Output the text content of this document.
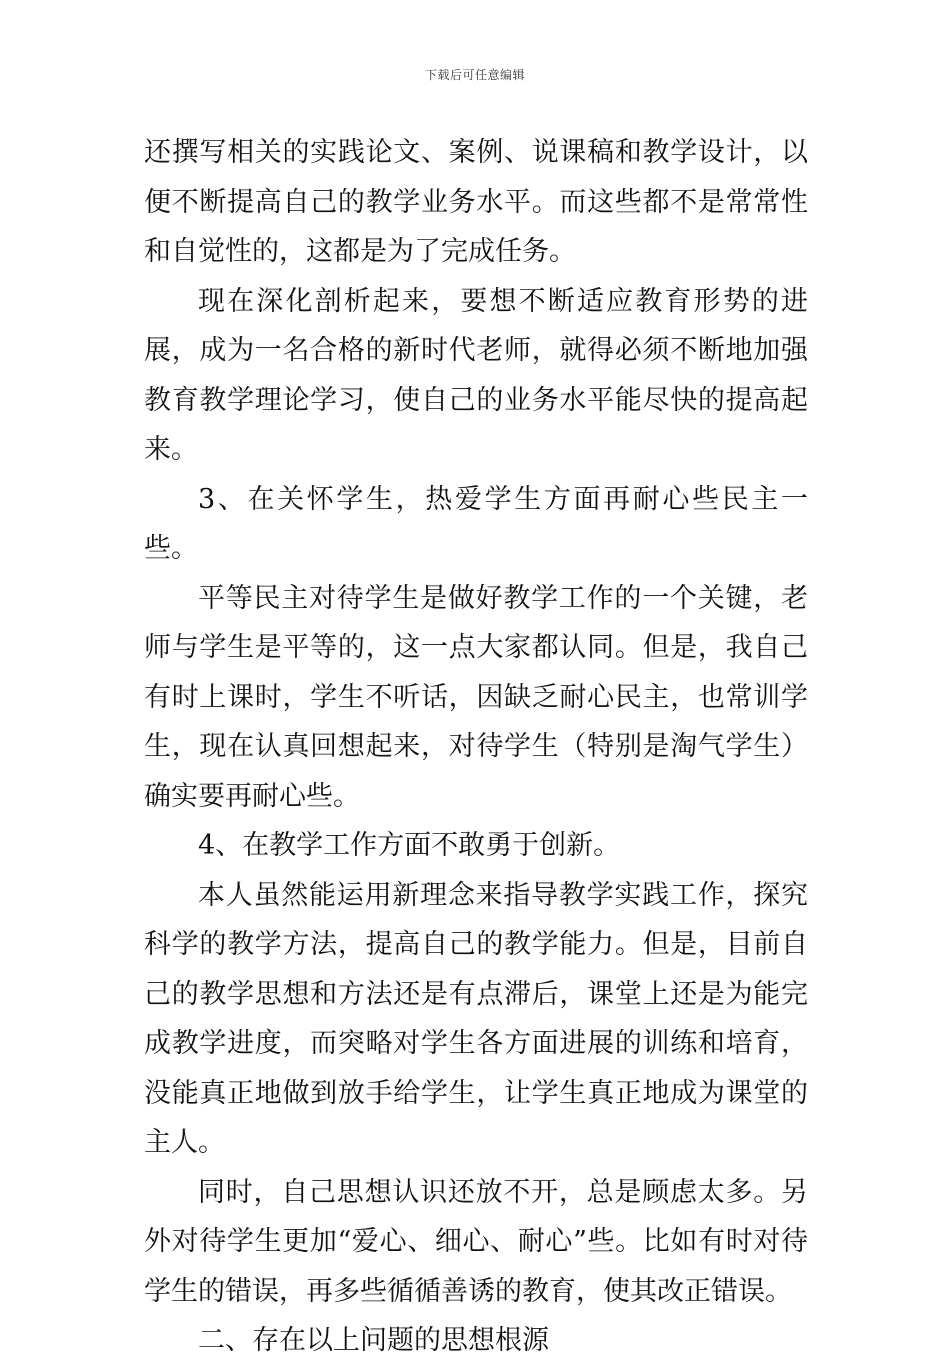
下载后可任意编辑

还撰写相关的实践论文、案例、说课稿和教学设计，以便不断提高自己的教学业务水平。而这些都不是常常性和自觉性的，这都是为了完成任务。

现在深化剖析起来，要想不断适应教育形势的进展，成为一名合格的新时代老师，就得必须不断地加强教育教学理论学习，使自己的业务水平能尽快的提高起来。

3、在关怀学生，热爱学生方面再耐心些民主一些。

平等民主对待学生是做好教学工作的一个关键，老师与学生是平等的，这一点大家都认同。但是，我自己有时上课时，学生不听话，因缺乏耐心民主，也常训学生，现在认真回想起来，对待学生（特别是淘气学生）确实要再耐心些。

4、在教学工作方面不敢勇于创新。

本人虽然能运用新理念来指导教学实践工作，探究科学的教学方法，提高自己的教学能力。但是，目前自己的教学思想和方法还是有点滞后，课堂上还是为能完成教学进度，而突略对学生各方面进展的训练和培育，没能真正地做到放手给学生，让学生真正地成为课堂的主人。

同时，自己思想认识还放不开，总是顾虑太多。另外对待学生更加“爱心、细心、耐心”些。比如有时对待学生的错误，再多些循循善诱的教育，使其改正错误。

二、存在以上问题的思想根源
